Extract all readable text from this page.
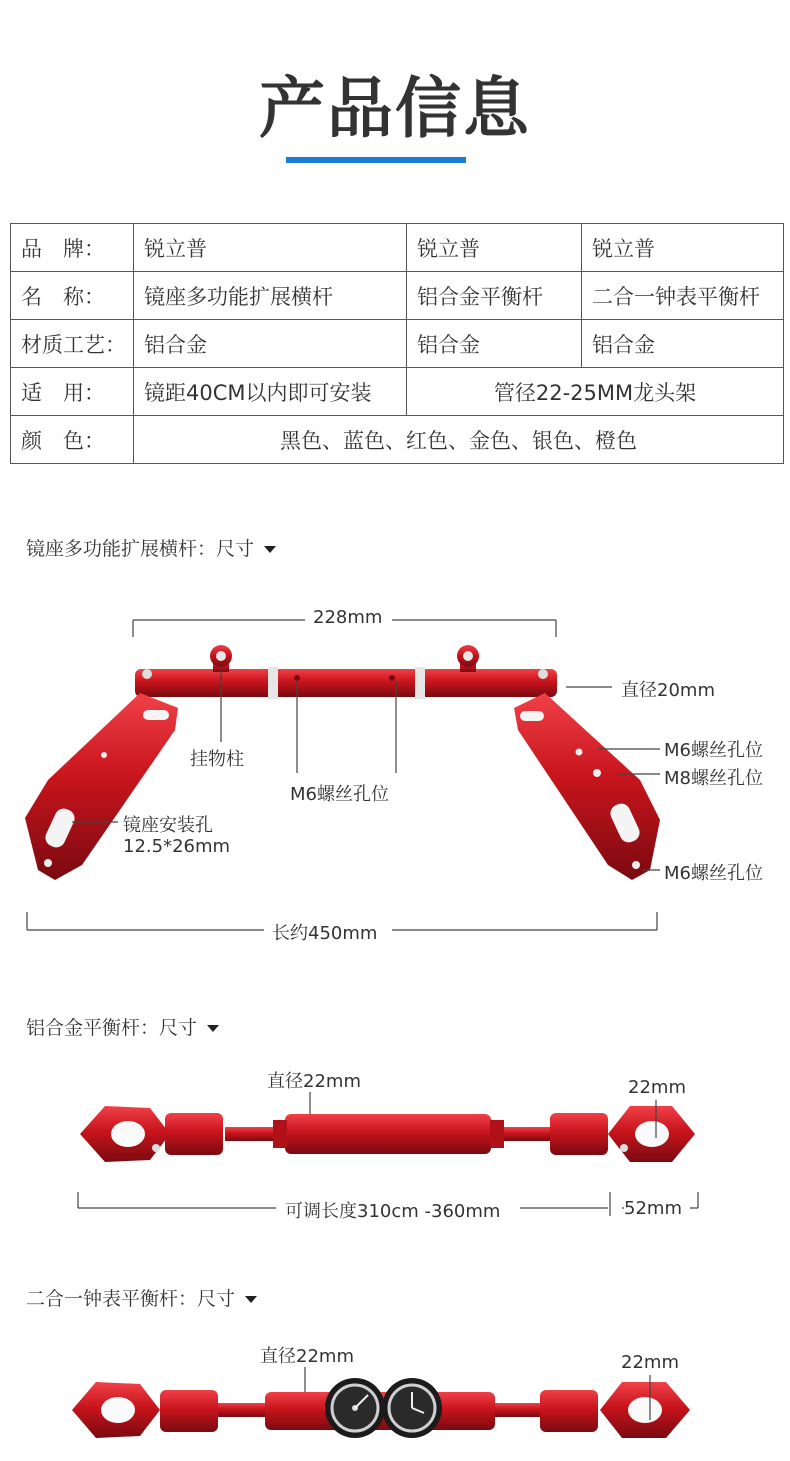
产品信息
品　牌：	锐立普	锐立普	锐立普
名　称：	镜座多功能扩展横杆	铝合金平衡杆	二合一钟表平衡杆
材质工艺：	铝合金	铝合金	铝合金
适　用：	镜距40CM以内即可安装	管径22-25MM龙头架	
颜　色：	黑色、蓝色、红色、金色、银色、橙色		
镜座多功能扩展横杆：尺寸
228mm
直径20mm
挂物柱
M6螺丝孔位
M6螺丝孔位
M8螺丝孔位
镜座安装孔
12.5*26mm
M6螺丝孔位
长约450mm
铝合金平衡杆：尺寸
直径22mm	22mm
可调长度310cm -360mm	52mm
二合一钟表平衡杆：尺寸
直径22mm	22mm
